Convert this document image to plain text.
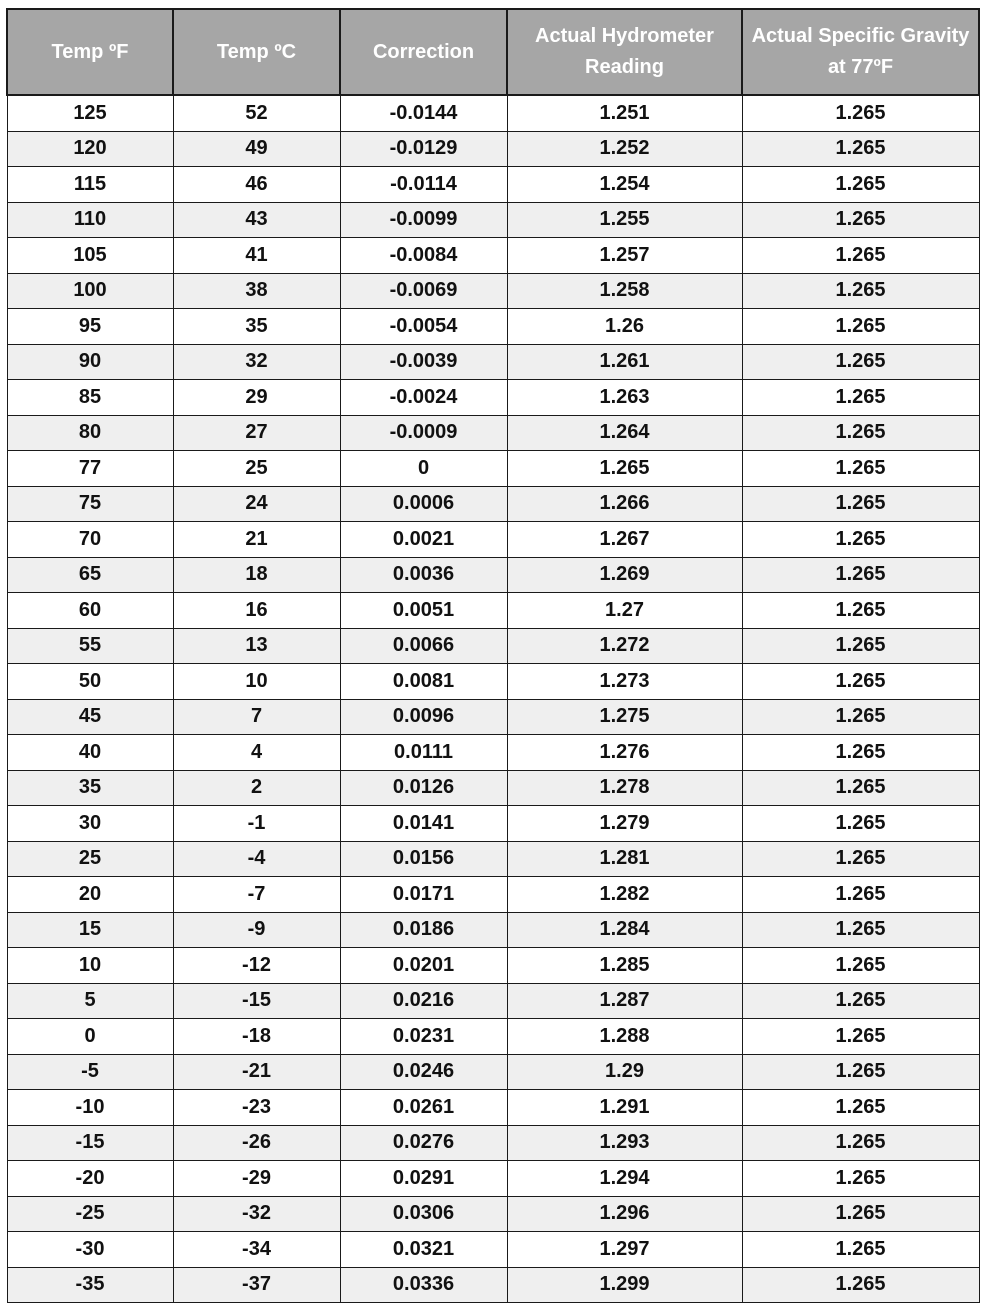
Temp ºF	Temp ºC	Correction	Actual Hydrometer Reading	Actual Specific Gravity at 77ºF
125	52	-0.0144	1.251	1.265
120	49	-0.0129	1.252	1.265
115	46	-0.0114	1.254	1.265
110	43	-0.0099	1.255	1.265
105	41	-0.0084	1.257	1.265
100	38	-0.0069	1.258	1.265
95	35	-0.0054	1.26	1.265
90	32	-0.0039	1.261	1.265
85	29	-0.0024	1.263	1.265
80	27	-0.0009	1.264	1.265
77	25	0	1.265	1.265
75	24	0.0006	1.266	1.265
70	21	0.0021	1.267	1.265
65	18	0.0036	1.269	1.265
60	16	0.0051	1.27	1.265
55	13	0.0066	1.272	1.265
50	10	0.0081	1.273	1.265
45	7	0.0096	1.275	1.265
40	4	0.0111	1.276	1.265
35	2	0.0126	1.278	1.265
30	-1	0.0141	1.279	1.265
25	-4	0.0156	1.281	1.265
20	-7	0.0171	1.282	1.265
15	-9	0.0186	1.284	1.265
10	-12	0.0201	1.285	1.265
5	-15	0.0216	1.287	1.265
0	-18	0.0231	1.288	1.265
-5	-21	0.0246	1.29	1.265
-10	-23	0.0261	1.291	1.265
-15	-26	0.0276	1.293	1.265
-20	-29	0.0291	1.294	1.265
-25	-32	0.0306	1.296	1.265
-30	-34	0.0321	1.297	1.265
-35	-37	0.0336	1.299	1.265
